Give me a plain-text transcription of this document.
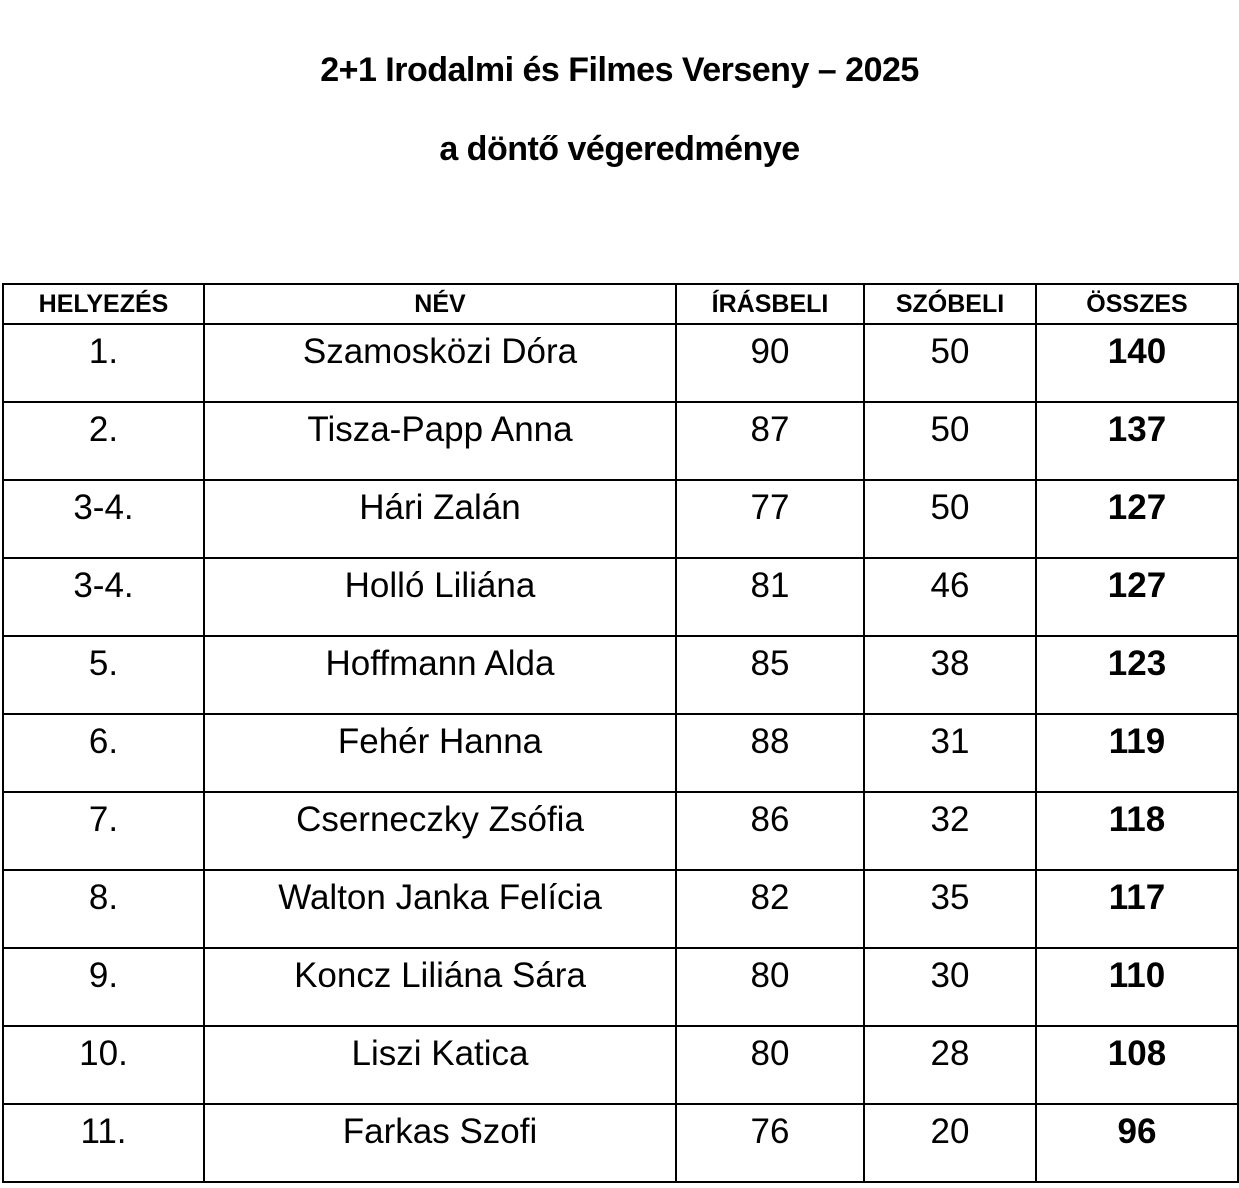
2+1 Irodalmi és Filmes Verseny – 2025
a döntő végeredménye
HELYEZÉS	NÉV	ÍRÁSBELI	SZÓBELI	ÖSSZES
1.	Szamosközi Dóra	90	50	140
2.	Tisza-Papp Anna	87	50	137
3-4.	Hári Zalán	77	50	127
3-4.	Holló Liliána	81	46	127
5.	Hoffmann Alda	85	38	123
6.	Fehér Hanna	88	31	119
7.	Cserneczky Zsófia	86	32	118
8.	Walton Janka Felícia	82	35	117
9.	Koncz Liliána Sára	80	30	110
10.	Liszi Katica	80	28	108
11.	Farkas Szofi	76	20	96
